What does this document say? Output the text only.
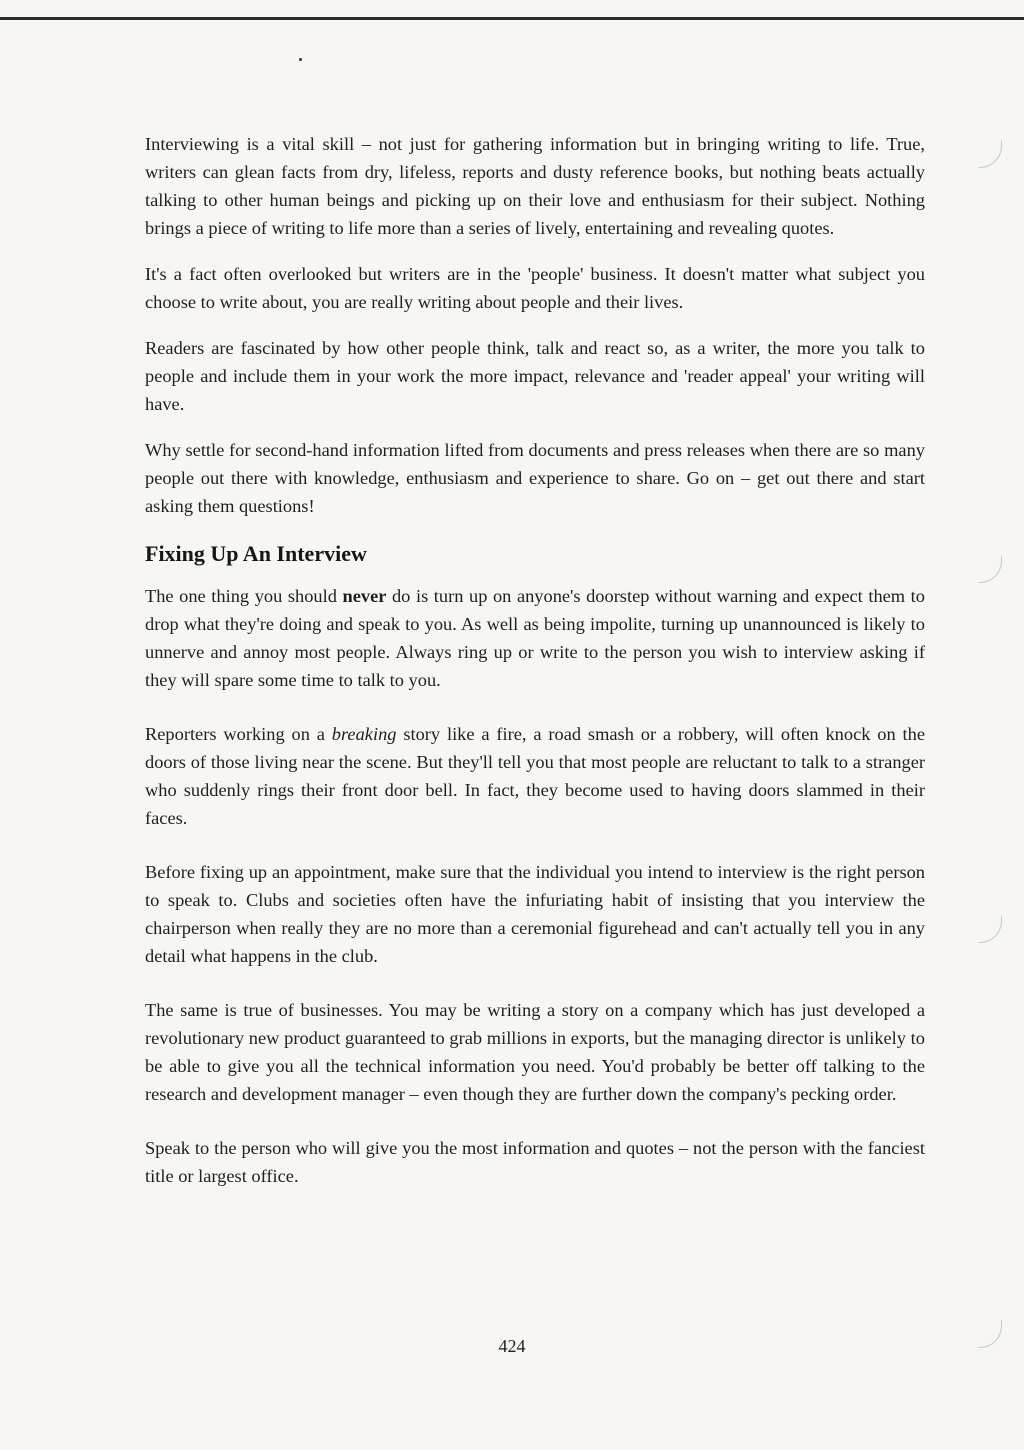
Interviewing is a vital skill – not just for gathering information but in bringing writing to life. True, writers can glean facts from dry, lifeless, reports and dusty reference books, but nothing beats actually talking to other human beings and picking up on their love and enthusiasm for their subject. Nothing brings a piece of writing to life more than a series of lively, entertaining and revealing quotes.

It's a fact often overlooked but writers are in the 'people' business. It doesn't matter what subject you choose to write about, you are really writing about people and their lives.

Readers are fascinated by how other people think, talk and react so, as a writer, the more you talk to people and include them in your work the more impact, relevance and 'reader appeal' your writing will have.

Why settle for second-hand information lifted from documents and press releases when there are so many people out there with knowledge, enthusiasm and experience to share. Go on – get out there and start asking them questions!

Fixing Up An Interview

The one thing you should never do is turn up on anyone's doorstep without warning and expect them to drop what they're doing and speak to you. As well as being impolite, turning up unannounced is likely to unnerve and annoy most people. Always ring up or write to the person you wish to interview asking if they will spare some time to talk to you.

Reporters working on a breaking story like a fire, a road smash or a robbery, will often knock on the doors of those living near the scene. But they'll tell you that most people are reluctant to talk to a stranger who suddenly rings their front door bell. In fact, they become used to having doors slammed in their faces.

Before fixing up an appointment, make sure that the individual you intend to interview is the right person to speak to. Clubs and societies often have the infuriating habit of insisting that you interview the chairperson when really they are no more than a ceremonial figurehead and can't actually tell you in any detail what happens in the club.

The same is true of businesses. You may be writing a story on a company which has just developed a revolutionary new product guaranteed to grab millions in exports, but the managing director is unlikely to be able to give you all the technical information you need. You'd probably be better off talking to the research and development manager – even though they are further down the company's pecking order.

Speak to the person who will give you the most information and quotes – not the person with the fanciest title or largest office.

424
